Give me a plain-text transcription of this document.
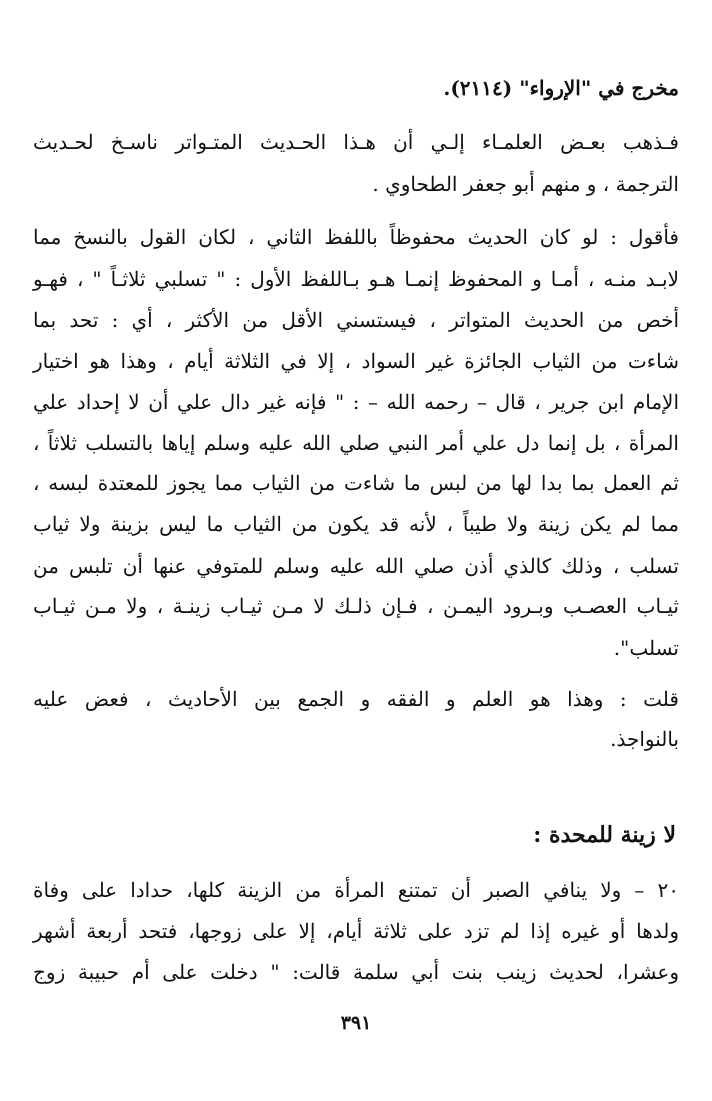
مخرج في "الإرواء" (٢١١٤).
فـذهب بعـض العلمـاء إلـي أن هـذا الحـديث المتـواتر ناسـخ لحـديث
الترجمة ، و منهم أبو جعفر الطحاوي .
فأقول : لو كان الحديث محفوظاً باللفظ الثاني ، لكان القول بالنسخ مما
لابـد منـه ، أمـا و المحفوظ إنمـا هـو بـاللفظ الأول : " تسلبي ثلاثـاً " ، فهـو
أخص من الحديث المتواتر ، فيستسني الأقل من الأكثر ، أي : تحد بما
شاءت من الثياب الجائزة غير السواد ، إلا في الثلاثة أيام ، وهذا هو اختيار
الإمام ابن جرير ، قال – رحمه الله – : " فإنه غير دال علي أن لا إحداد علي
المرأة ، بل إنما دل علي أمر النبي صلي الله عليه وسلم إياها بالتسلب ثلاثاً ،
ثم العمل بما بدا لها من لبس ما شاءت من الثياب مما يجوز للمعتدة لبسه ،
مما لم يكن زينة ولا طيباً ، لأنه قد يكون من الثياب ما ليس بزينة ولا ثياب
تسلب ، وذلك كالذي أذن صلي الله عليه وسلم للمتوفي عنها أن تلبس من
ثيـاب العصـب وبـرود اليمـن ، فـإن ذلـك لا مـن ثيـاب زينـة ، ولا مـن ثيـاب
تسلب".
قلت : وهذا هو العلم و الفقه و الجمع بين الأحاديث ، فعض عليه
بالنواجذ.
لا زينة للمحدة :
٢٠ – ولا ينافي الصبر أن تمتنع المرأة من الزينة كلها، حدادا على وفاة
ولدها أو غيره إذا لم تزد على ثلاثة أيام، إلا على زوجها، فتحد أربعة أشهر
وعشرا، لحديث زينب بنت أبي سلمة قالت: " دخلت على أم حبيبة زوج
٣٩١
